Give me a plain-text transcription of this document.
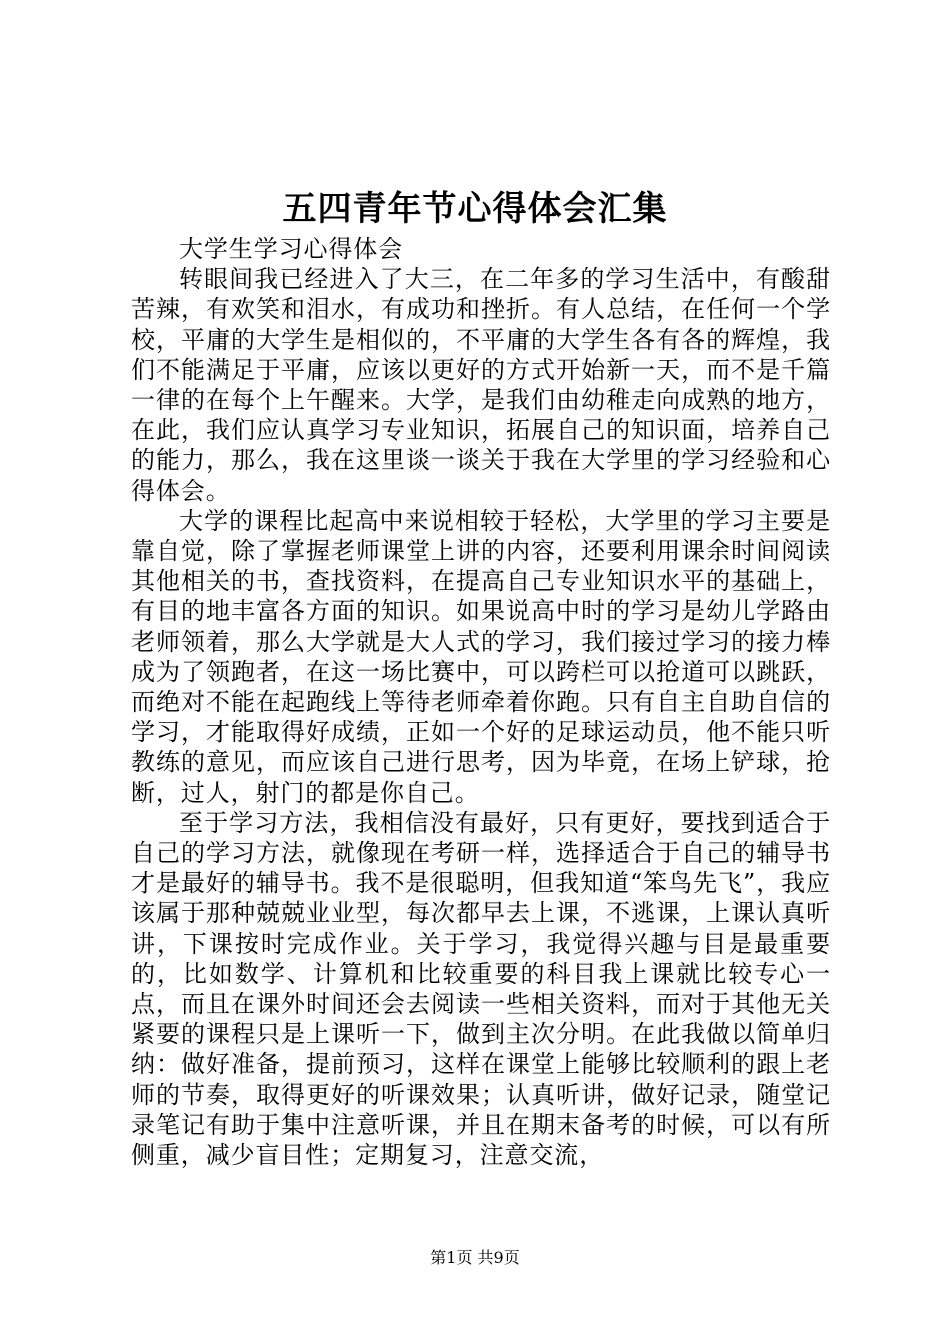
五四青年节心得体会汇集

大学生学习心得体会

转眼间我已经进入了大三，在二年多的学习生活中，有酸甜苦辣，有欢笑和泪水，有成功和挫折。有人总结，在任何一个学校，平庸的大学生是相似的，不平庸的大学生各有各的辉煌，我们不能满足于平庸，应该以更好的方式开始新一天，而不是千篇一律的在每个上午醒来。大学，是我们由幼稚走向成熟的地方，在此，我们应认真学习专业知识，拓展自己的知识面，培养自己的能力，那么，我在这里谈一谈关于我在大学里的学习经验和心得体会。

大学的课程比起高中来说相较于轻松，大学里的学习主要是靠自觉，除了掌握老师课堂上讲的内容，还要利用课余时间阅读其他相关的书，查找资料，在提高自己专业知识水平的基础上，有目的地丰富各方面的知识。如果说高中时的学习是幼儿学路由老师领着，那么大学就是大人式的学习，我们接过学习的接力棒成为了领跑者，在这一场比赛中，可以跨栏可以抢道可以跳跃，而绝对不能在起跑线上等待老师牵着你跑。只有自主自助自信的学习，才能取得好成绩，正如一个好的足球运动员，他不能只听教练的意见，而应该自己进行思考，因为毕竟，在场上铲球，抢断，过人，射门的都是你自己。

至于学习方法，我相信没有最好，只有更好，要找到适合于自己的学习方法，就像现在考研一样，选择适合于自己的辅导书才是最好的辅导书。我不是很聪明，但我知道“笨鸟先飞”，我应该属于那种兢兢业业型，每次都早去上课，不逃课，上课认真听讲，下课按时完成作业。关于学习，我觉得兴趣与目是最重要的，比如数学、计算机和比较重要的科目我上课就比较专心一点，而且在课外时间还会去阅读一些相关资料，而对于其他无关紧要的课程只是上课听一下，做到主次分明。在此我做以简单归纳：做好准备，提前预习，这样在课堂上能够比较顺利的跟上老师的节奏，取得更好的听课效果；认真听讲，做好记录，随堂记录笔记有助于集中注意听课，并且在期末备考的时候，可以有所侧重，减少盲目性；定期复习，注意交流，

第1页 共9页
